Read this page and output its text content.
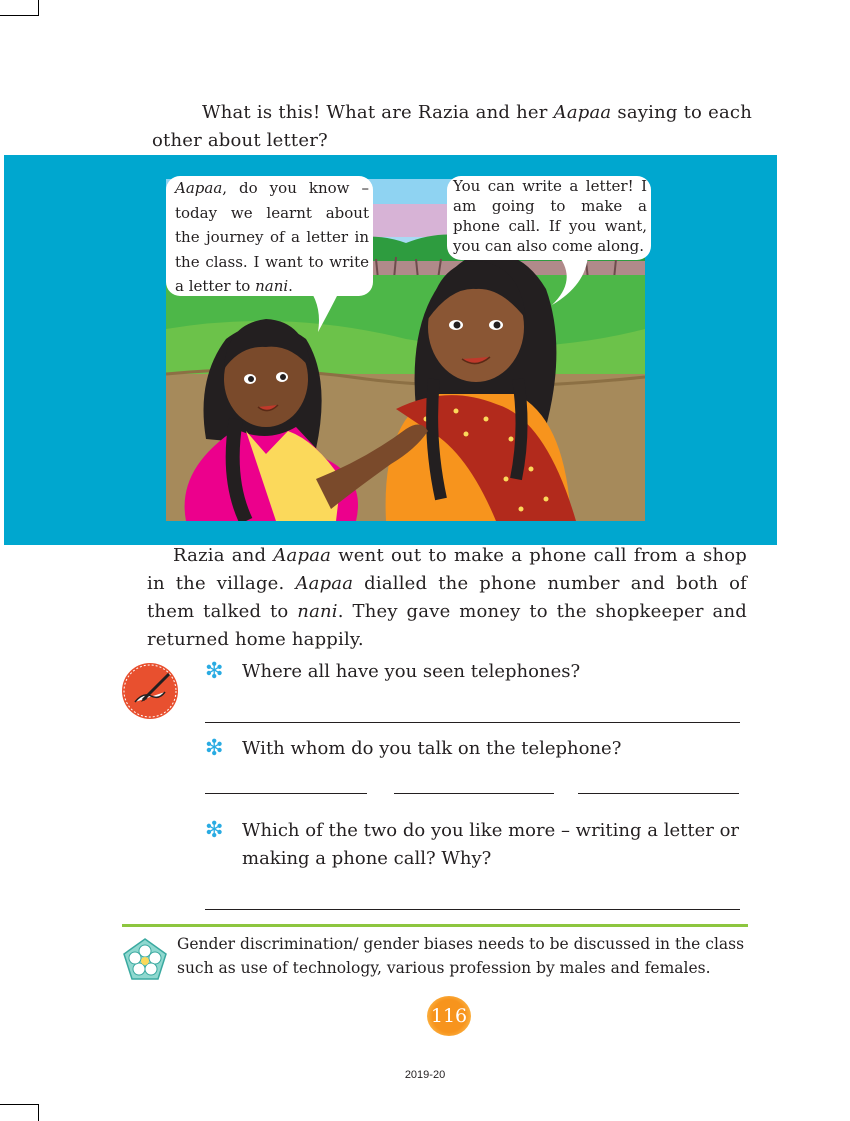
What is this! What are Razia and her Aapaa saying to each other about letter?

Aapaa, do you know – today we learnt about the journey of a letter in the class. I want to write a letter to nani.
You can write a letter! I am going to make a phone call. If you want, you can also come along.

Razia and Aapaa went out to make a phone call from a shop in the village. Aapaa dialled the phone number and both of them talked to nani. They gave money to the shopkeeper and returned home happily.

❇ Where all have you seen telephones?
❇ With whom do you talk on the telephone?
❇ Which of the two do you like more – writing a letter or making a phone call? Why?

Gender discrimination/ gender biases needs to be discussed in the class such as use of technology, various profession by males and females.

116
2019-20
